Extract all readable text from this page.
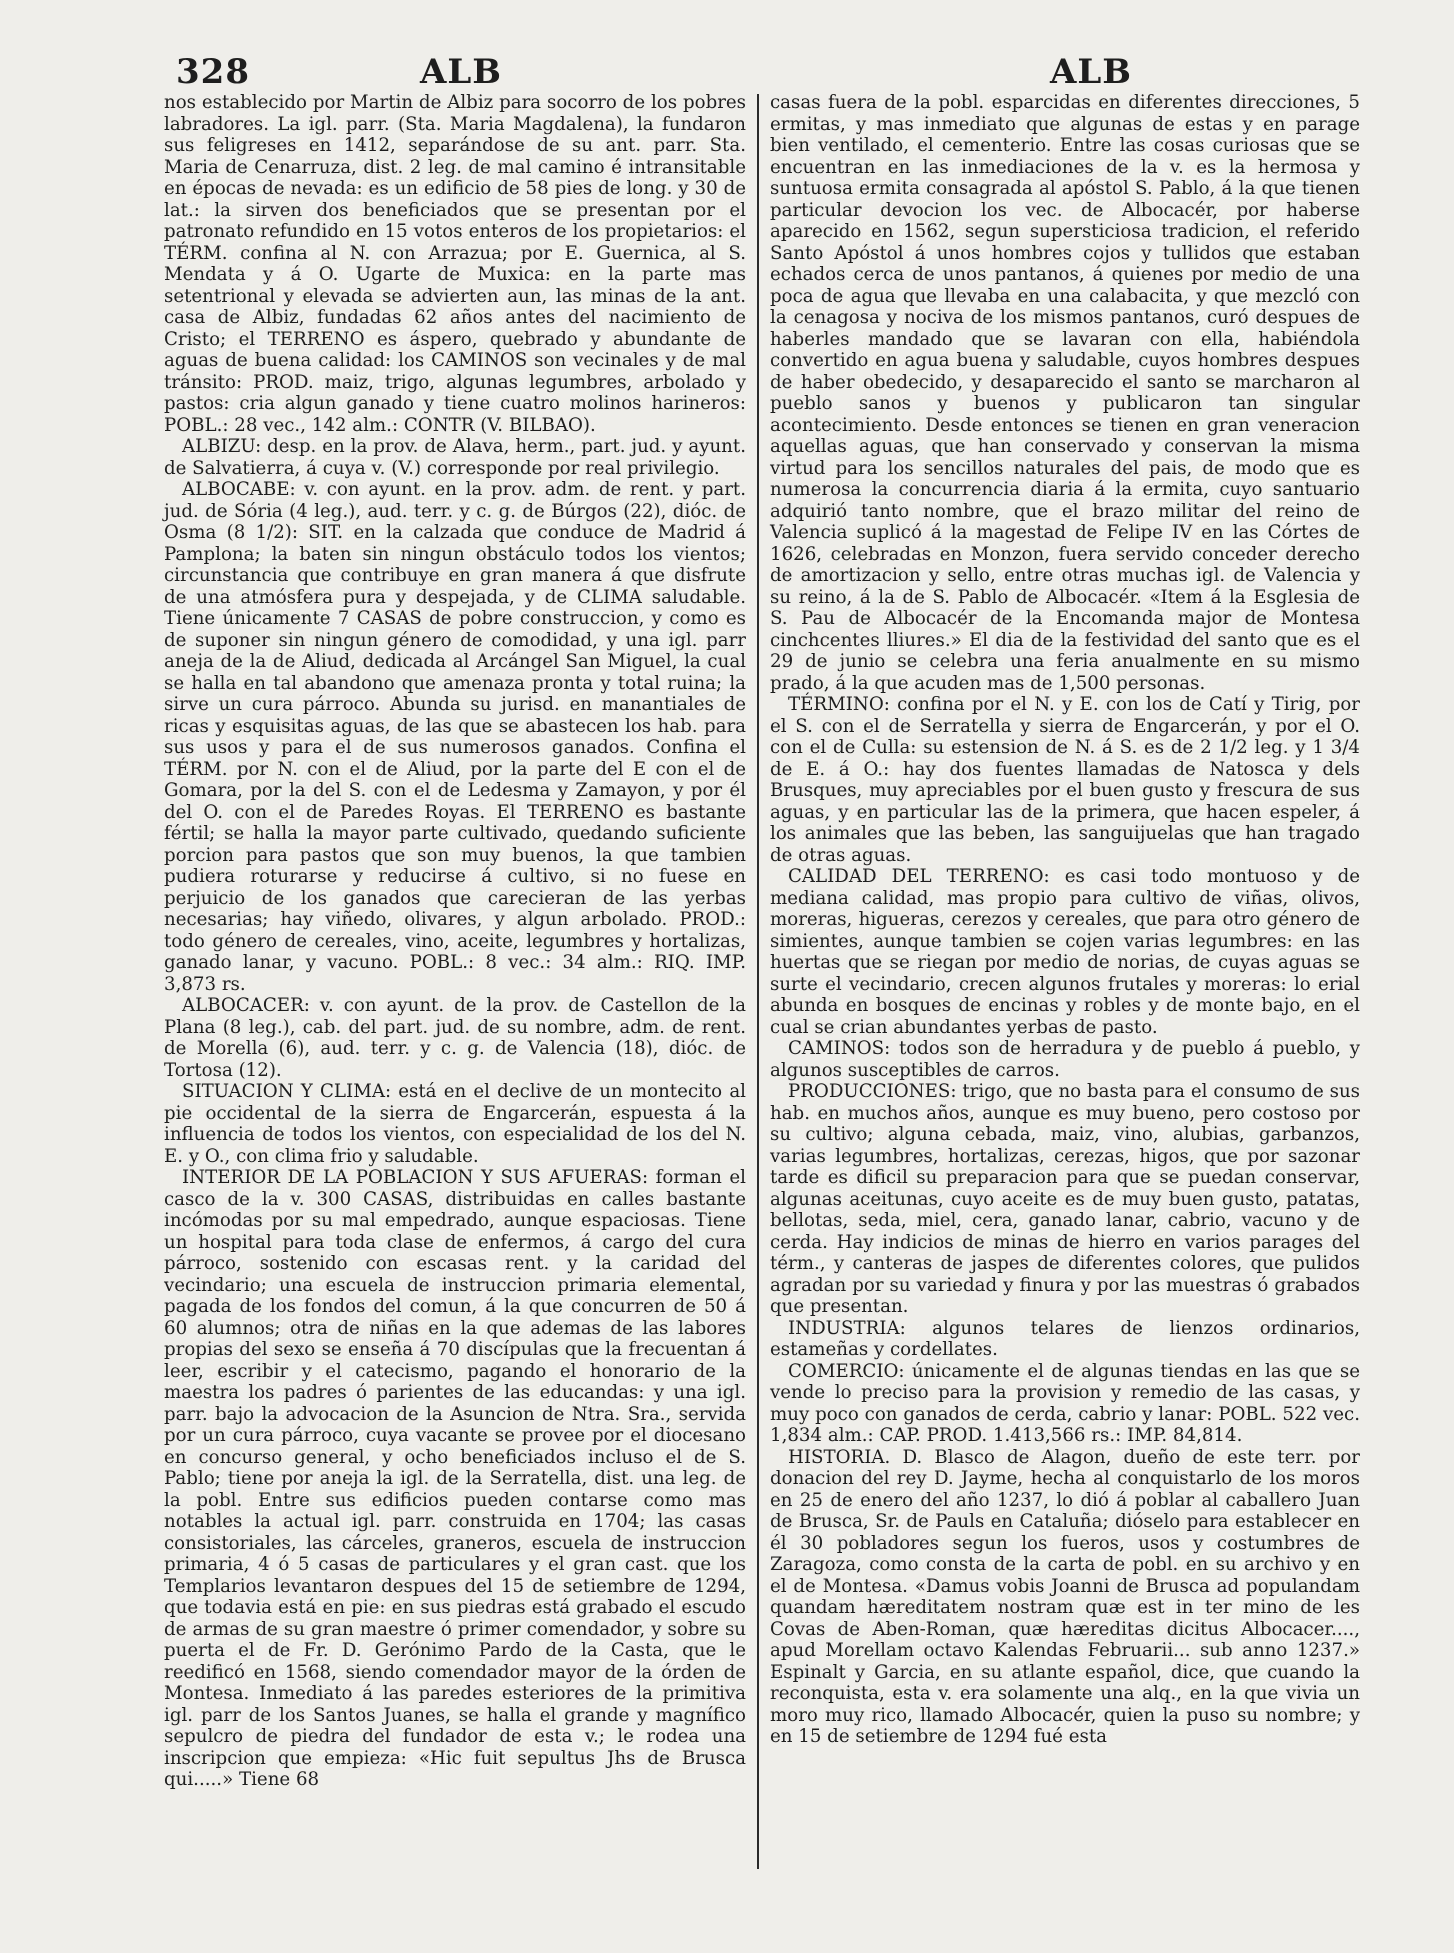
328	ALB	ALB

nos establecido por Martin de Albiz para socorro de los pobres labradores. La igl. parr. (Sta. Maria Magdalena), la fundaron sus feligreses en 1412, separándose de su ant. parr. Sta. Maria de Cenarruza, dist. 2 leg. de mal camino é intransitable en épocas de nevada: es un edificio de 58 pies de long. y 30 de lat.: la sirven dos beneficiados que se presentan por el patronato refundido en 15 votos enteros de los propietarios: el TÉRM. confina al N. con Arrazua; por E. Guernica, al S. Mendata y á O. Ugarte de Muxica: en la parte mas setentrional y elevada se advierten aun, las minas de la ant. casa de Albiz, fundadas 62 años antes del nacimiento de Cristo; el TERRENO es áspero, quebrado y abundante de aguas de buena calidad: los CAMINOS son vecinales y de mal tránsito: PROD. maiz, trigo, algunas legumbres, arbolado y pastos: cria algun ganado y tiene cuatro molinos harineros: POBL.: 28 vec., 142 alm.: CONTR (V. BILBAO).

ALBIZU: desp. en la prov. de Alava, herm., part. jud. y ayunt. de Salvatierra, á cuya v. (V.) corresponde por real privilegio.

ALBOCABE: v. con ayunt. en la prov. adm. de rent. y part. jud. de Sória (4 leg.), aud. terr. y c. g. de Búrgos (22), dióc. de Osma (8 1/2): SIT. en la calzada que conduce de Madrid á Pamplona; la baten sin ningun obstáculo todos los vientos; circunstancia que contribuye en gran manera á que disfrute de una atmósfera pura y despejada, y de CLIMA saludable. Tiene únicamente 7 CASAS de pobre construccion, y como es de suponer sin ningun género de comodidad, y una igl. parr aneja de la de Aliud, dedicada al Arcángel San Miguel, la cual se halla en tal abandono que amenaza pronta y total ruina; la sirve un cura párroco. Abunda su jurisd. en manantiales de ricas y esquisitas aguas, de las que se abastecen los hab. para sus usos y para el de sus numerosos ganados. Confina el TÉRM. por N. con el de Aliud, por la parte del E con el de Gomara, por la del S. con el de Ledesma y Zamayon, y por él del O. con el de Paredes Royas. El TERRENO es bastante fértil; se halla la mayor parte cultivado, quedando suficiente porcion para pastos que son muy buenos, la que tambien pudiera roturarse y reducirse á cultivo, si no fuese en perjuicio de los ganados que carecieran de las yerbas necesarias; hay viñedo, olivares, y algun arbolado. PROD.: todo género de cereales, vino, aceite, legumbres y hortalizas, ganado lanar, y vacuno. POBL.: 8 vec.: 34 alm.: RIQ. IMP. 3,873 rs.

ALBOCACER: v. con ayunt. de la prov. de Castellon de la Plana (8 leg.), cab. del part. jud. de su nombre, adm. de rent. de Morella (6), aud. terr. y c. g. de Valencia (18), dióc. de Tortosa (12).

SITUACION Y CLIMA: está en el declive de un montecito al pie occidental de la sierra de Engarcerán, espuesta á la influencia de todos los vientos, con especialidad de los del N. E. y O., con clima frio y saludable.

INTERIOR DE LA POBLACION Y SUS AFUERAS: forman el casco de la v. 300 CASAS, distribuidas en calles bastante incómodas por su mal empedrado, aunque espaciosas. Tiene un hospital para toda clase de enfermos, á cargo del cura párroco, sostenido con escasas rent. y la caridad del vecindario; una escuela de instruccion primaria elemental, pagada de los fondos del comun, á la que concurren de 50 á 60 alumnos; otra de niñas en la que ademas de las labores propias del sexo se enseña á 70 discípulas que la frecuentan á leer, escribir y el catecismo, pagando el honorario de la maestra los padres ó parientes de las educandas: y una igl. parr. bajo la advocacion de la Asuncion de Ntra. Sra., servida por un cura párroco, cuya vacante se provee por el diocesano en concurso general, y ocho beneficiados incluso el de S. Pablo; tiene por aneja la igl. de la Serratella, dist. una leg. de la pobl. Entre sus edificios pueden contarse como mas notables la actual igl. parr. construida en 1704; las casas consistoriales, las cárceles, graneros, escuela de instruccion primaria, 4 ó 5 casas de particulares y el gran cast. que los Templarios levantaron despues del 15 de setiembre de 1294, que todavia está en pie: en sus piedras está grabado el escudo de armas de su gran maestre ó primer comendador, y sobre su puerta el de Fr. D. Gerónimo Pardo de la Casta, que le reedificó en 1568, siendo comendador mayor de la órden de Montesa. Inmediato á las paredes esteriores de la primitiva igl. parr de los Santos Juanes, se halla el grande y magnífico sepulcro de piedra del fundador de esta v.; le rodea una inscripcion que empieza: «Hic fuit sepultus Jhs de Brusca qui.....» Tiene 68

casas fuera de la pobl. esparcidas en diferentes direcciones, 5 ermitas, y mas inmediato que algunas de estas y en parage bien ventilado, el cementerio. Entre las cosas curiosas que se encuentran en las inmediaciones de la v. es la hermosa y suntuosa ermita consagrada al apóstol S. Pablo, á la que tienen particular devocion los vec. de Albocacér, por haberse aparecido en 1562, segun supersticiosa tradicion, el referido Santo Apóstol á unos hombres cojos y tullidos que estaban echados cerca de unos pantanos, á quienes por medio de una poca de agua que llevaba en una calabacita, y que mezcló con la cenagosa y nociva de los mismos pantanos, curó despues de haberles mandado que se lavaran con ella, habiéndola convertido en agua buena y saludable, cuyos hombres despues de haber obedecido, y desaparecido el santo se marcharon al pueblo sanos y buenos y publicaron tan singular acontecimiento. Desde entonces se tienen en gran veneracion aquellas aguas, que han conservado y conservan la misma virtud para los sencillos naturales del pais, de modo que es numerosa la concurrencia diaria á la ermita, cuyo santuario adquirió tanto nombre, que el brazo militar del reino de Valencia suplicó á la magestad de Felipe IV en las Córtes de 1626, celebradas en Monzon, fuera servido conceder derecho de amortizacion y sello, entre otras muchas igl. de Valencia y su reino, á la de S. Pablo de Albocacér. «Item á la Esglesia de S. Pau de Albocacér de la Encomanda major de Montesa cinchcentes lliures.» El dia de la festividad del santo que es el 29 de junio se celebra una feria anualmente en su mismo prado, á la que acuden mas de 1,500 personas.

TÉRMINO: confina por el N. y E. con los de Catí y Tirig, por el S. con el de Serratella y sierra de Engarcerán, y por el O. con el de Culla: su estension de N. á S. es de 2 1/2 leg. y 1 3/4 de E. á O.: hay dos fuentes llamadas de Natosca y dels Brusques, muy apreciables por el buen gusto y frescura de sus aguas, y en particular las de la primera, que hacen espeler, á los animales que las beben, las sanguijuelas que han tragado de otras aguas.

CALIDAD DEL TERRENO: es casi todo montuoso y de mediana calidad, mas propio para cultivo de viñas, olivos, moreras, higueras, cerezos y cereales, que para otro género de simientes, aunque tambien se cojen varias legumbres: en las huertas que se riegan por medio de norias, de cuyas aguas se surte el vecindario, crecen algunos frutales y moreras: lo erial abunda en bosques de encinas y robles y de monte bajo, en el cual se crian abundantes yerbas de pasto.

CAMINOS: todos son de herradura y de pueblo á pueblo, y algunos susceptibles de carros.

PRODUCCIONES: trigo, que no basta para el consumo de sus hab. en muchos años, aunque es muy bueno, pero costoso por su cultivo; alguna cebada, maiz, vino, alubias, garbanzos, varias legumbres, hortalizas, cerezas, higos, que por sazonar tarde es dificil su preparacion para que se puedan conservar, algunas aceitunas, cuyo aceite es de muy buen gusto, patatas, bellotas, seda, miel, cera, ganado lanar, cabrio, vacuno y de cerda. Hay indicios de minas de hierro en varios parages del térm., y canteras de jaspes de diferentes colores, que pulidos agradan por su variedad y finura y por las muestras ó grabados que presentan.

INDUSTRIA: algunos telares de lienzos ordinarios, estameñas y cordellates.

COMERCIO: únicamente el de algunas tiendas en las que se vende lo preciso para la provision y remedio de las casas, y muy poco con ganados de cerda, cabrio y lanar: POBL. 522 vec. 1,834 alm.: CAP. PROD. 1.413,566 rs.: IMP. 84,814.

HISTORIA. D. Blasco de Alagon, dueño de este terr. por donacion del rey D. Jayme, hecha al conquistarlo de los moros en 25 de enero del año 1237, lo dió á poblar al caballero Juan de Brusca, Sr. de Pauls en Cataluña; dióselo para establecer en él 30 pobladores segun los fueros, usos y costumbres de Zaragoza, como consta de la carta de pobl. en su archivo y en el de Montesa. «Damus vobis Joanni de Brusca ad populandam quandam hæreditatem nostram quæ est in ter mino de les Covas de Aben-Roman, quæ hæreditas dicitus Albocacer...., apud Morellam octavo Kalendas Februarii... sub anno 1237.» Espinalt y Garcia, en su atlante español, dice, que cuando la reconquista, esta v. era solamente una alq., en la que vivia un moro muy rico, llamado Albocacér, quien la puso su nombre; y en 15 de setiembre de 1294 fué esta
